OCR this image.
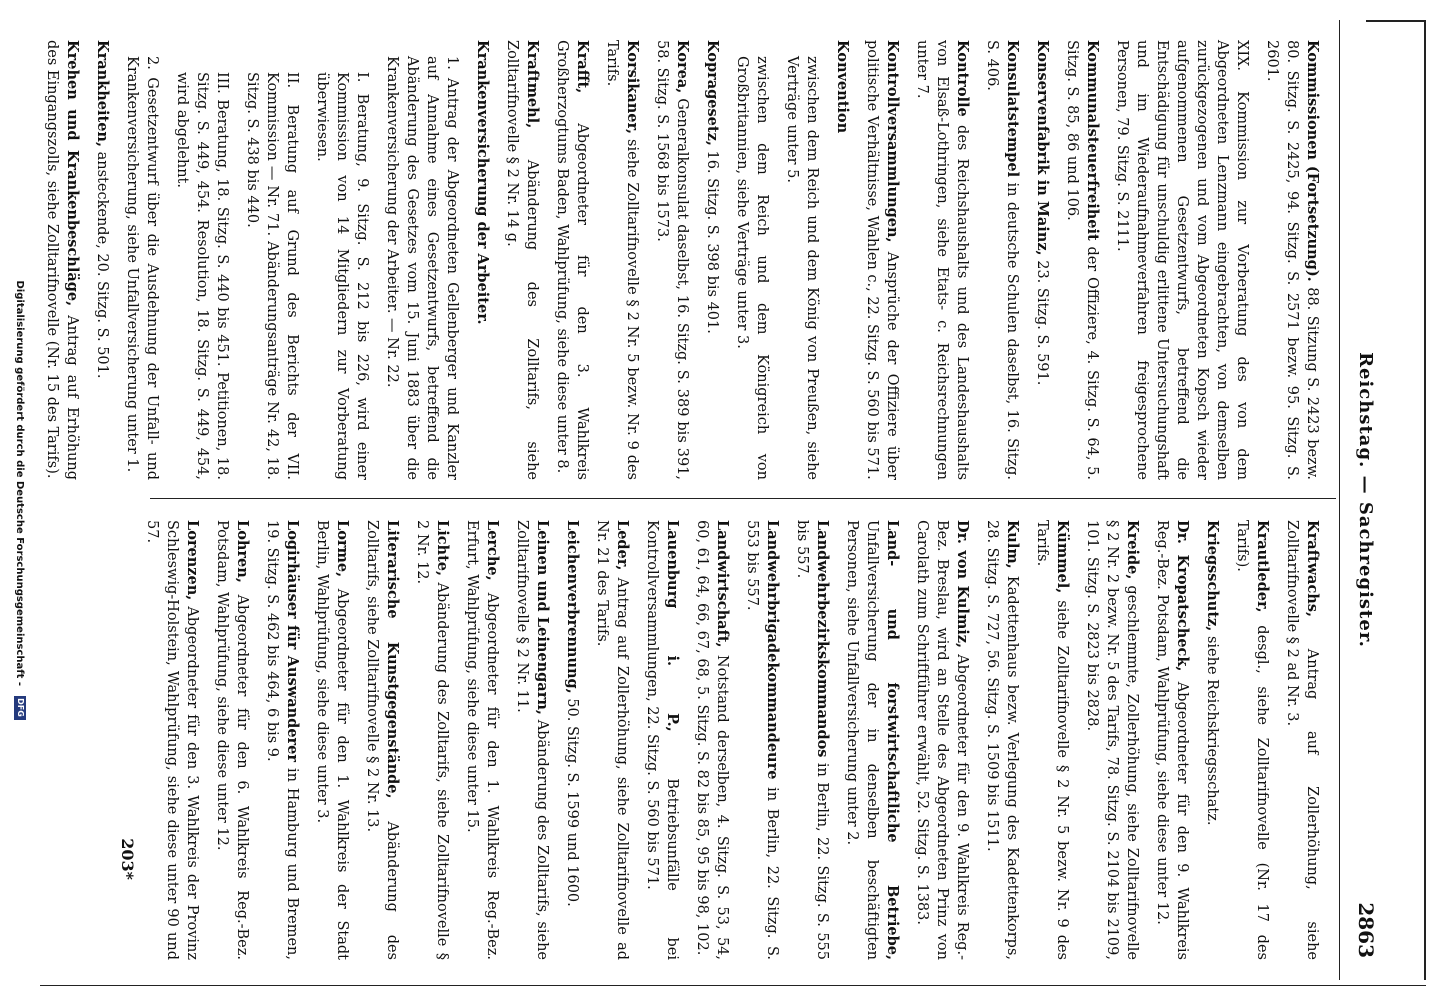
Reichstag. — Sachregister.
2863

Kommissionen (Fortsetzung). 88. Sitzung S. 2423 bezw. 80. Sitzg. S. 2425, 94. Sitzg. S. 2571 bezw. 95. Sitzg. S. 2601.

XIX. Kommission zur Vorberatung des von dem Abgeordneten Lenzmann eingebrachten, von demselben zurückgezogenen und vom Abgeordneten Kopsch wieder aufgenommenen Gesetzentwurfs, betreffend die Entschädigung für unschuldig erlittene Untersuchungshaft und im Wiederaufnahmeverfahren freigesprochene Personen, 79. Sitzg. S. 2111.

Kommunalsteuerfreiheit der Offiziere, 4. Sitzg. S. 64, 5. Sitzg. S. 85, 86 und 106.

Konservenfabrik in Mainz, 23. Sitzg. S. 591.

Konsulatstempel in deutsche Schulen daselbst, 16. Sitzg. S. 406.

Kontrolle des Reichshaushalts und des Landeshaushalts von Elsaß-Lothringen, siehe Etats- c. Reichsrechnungen unter 7.

Kontrollversammlungen, Ansprüche der Offiziere über politische Verhältnisse, Wahlen c., 22. Sitzg. S. 560 bis 571.

Konvention

zwischen dem Reich und dem König von Preußen, siehe Verträge unter 5.

zwischen dem Reich und dem Königreich von Großbritannien, siehe Verträge unter 3.

Kopragesetz, 16. Sitzg. S. 398 bis 401.

Korea, Generalkonsulat daselbst, 16. Sitzg. S. 389 bis 391, 58. Sitzg. S. 1568 bis 1573.

Korsikaner, siehe Zolltarifnovelle § 2 Nr. 5 bezw. Nr. 9 des Tarifs.

Krafft, Abgeordneter für den 3. Wahlkreis Großherzogtums Baden, Wahlprüfung, siehe diese unter 8.

Kraftmehl, Abänderung des Zolltarifs, siehe Zolltarifnovelle § 2 Nr. 14 g.

Krankenversicherung der Arbeiter.

1. Antrag der Abgeordneten Gellenberger und Kanzler auf Annahme eines Gesetzentwurfs, betreffend die Abänderung des Gesetzes vom 15. Juni 1883 über die Krankenversicherung der Arbeiter. — Nr. 22.

I. Beratung, 9. Sitzg. S. 212 bis 226, wird einer Kommission von 14 Mitgliedern zur Vorberatung überwiesen.

II. Beratung auf Grund des Berichts der VII. Kommission — Nr. 71. Abänderungsanträge Nr. 42, 18. Sitzg. S. 438 bis 440.

III. Beratung, 18. Sitzg. S. 440 bis 451. Petitionen, 18. Sitzg. S. 449, 454. Resolution, 18. Sitzg. S. 449, 454, wird abgelehnt.

2. Gesetzentwurf über die Ausdehnung der Unfall- und Krankenversicherung, siehe Unfallversicherung unter 1.

Krankheiten, ansteckende, 20. Sitzg. S. 501.

Krehen und Krankenbeschläge, Antrag auf Erhöhung des Eingangszolls, siehe Zolltarifnovelle (Nr. 15 des Tarifs).

Kraftwachs, Antrag auf Zollerhöhung, siehe Zolltarifnovelle § 2 ad Nr. 3.

Krautleder, desgl., siehe Zolltarifnovelle (Nr. 17 des Tarifs).

Kriegsschutz, siehe Reichskriegsschatz.

Dr. Kropatscheck, Abgeordneter für den 9. Wahlkreis Reg.-Bez. Potsdam, Wahlprüfung, siehe diese unter 12.

Kreide, geschlemmte, Zollerhöhung, siehe Zolltarifnovelle § 2 Nr. 2 bezw. Nr. 5 des Tarifs, 78. Sitzg. S. 2104 bis 2109, 101. Sitzg. S. 2823 bis 2828.

Kümmel, siehe Zolltarifnovelle § 2 Nr. 5 bezw. Nr. 9 des Tarifs.

Kulm, Kadettenhaus bezw. Verlegung des Kadettenkorps, 28. Sitzg. S. 727, 56. Sitzg. S. 1509 bis 1511.

Dr. von Kulmiz, Abgeordneter für den 9. Wahlkreis Reg.-Bez. Breslau, wird an Stelle des Abgeordneten Prinz von Carolath zum Schriftführer erwählt, 52. Sitzg. S. 1383.

Land- und forstwirtschaftliche Betriebe, Unfallversicherung der in denselben beschäftigten Personen, siehe Unfallversicherung unter 2.

Landwehrbezirkskommandos in Berlin, 22. Sitzg. S. 555 bis 557.

Landwehrbrigadekommandeure in Berlin, 22. Sitzg. S. 553 bis 557.

Landwirtschaft, Notstand derselben, 4. Sitzg. S. 53, 54, 60, 61, 64, 66, 67, 68, 5. Sitzg. S. 82 bis 85, 95 bis 98, 102.

Lauenburg i. P., Betriebsunfälle bei Kontrollversammlungen, 22. Sitzg. S. 560 bis 571.

Leder, Antrag auf Zollerhöhung, siehe Zolltarifnovelle ad Nr. 21 des Tarifs.

Leichenverbrennung, 50. Sitzg. S. 1599 und 1600.

Leinen und Leinengarn, Abänderung des Zolltarifs, siehe Zolltarifnovelle § 2 Nr. 11.

Lerche, Abgeordneter für den 1. Wahlkreis Reg.-Bez. Erfurt, Wahlprüfung, siehe diese unter 15.

Lichte, Abänderung des Zolltarifs, siehe Zolltarifnovelle § 2 Nr. 12.

Literarische Kunstgegenstände, Abänderung des Zolltarifs, siehe Zolltarifnovelle § 2 Nr. 13.

Lorme, Abgeordneter für den 1. Wahlkreis der Stadt Berlin, Wahlprüfung, siehe diese unter 3.

Logirhäuser für Auswanderer in Hamburg und Bremen, 19. Sitzg. S. 462 bis 464, 6 bis 9.

Lohren, Abgeordneter für den 6. Wahlkreis Reg.-Bez. Potsdam, Wahlprüfung, siehe diese unter 12.

Lorenzen, Abgeordneter für den 3. Wahlkreis der Provinz Schleswig-Holstein, Wahlprüfung, siehe diese unter 90 und 57.

203*
Digitalisierung gefördert durch die Deutsche Forschungsgemeinschaft - DFG
